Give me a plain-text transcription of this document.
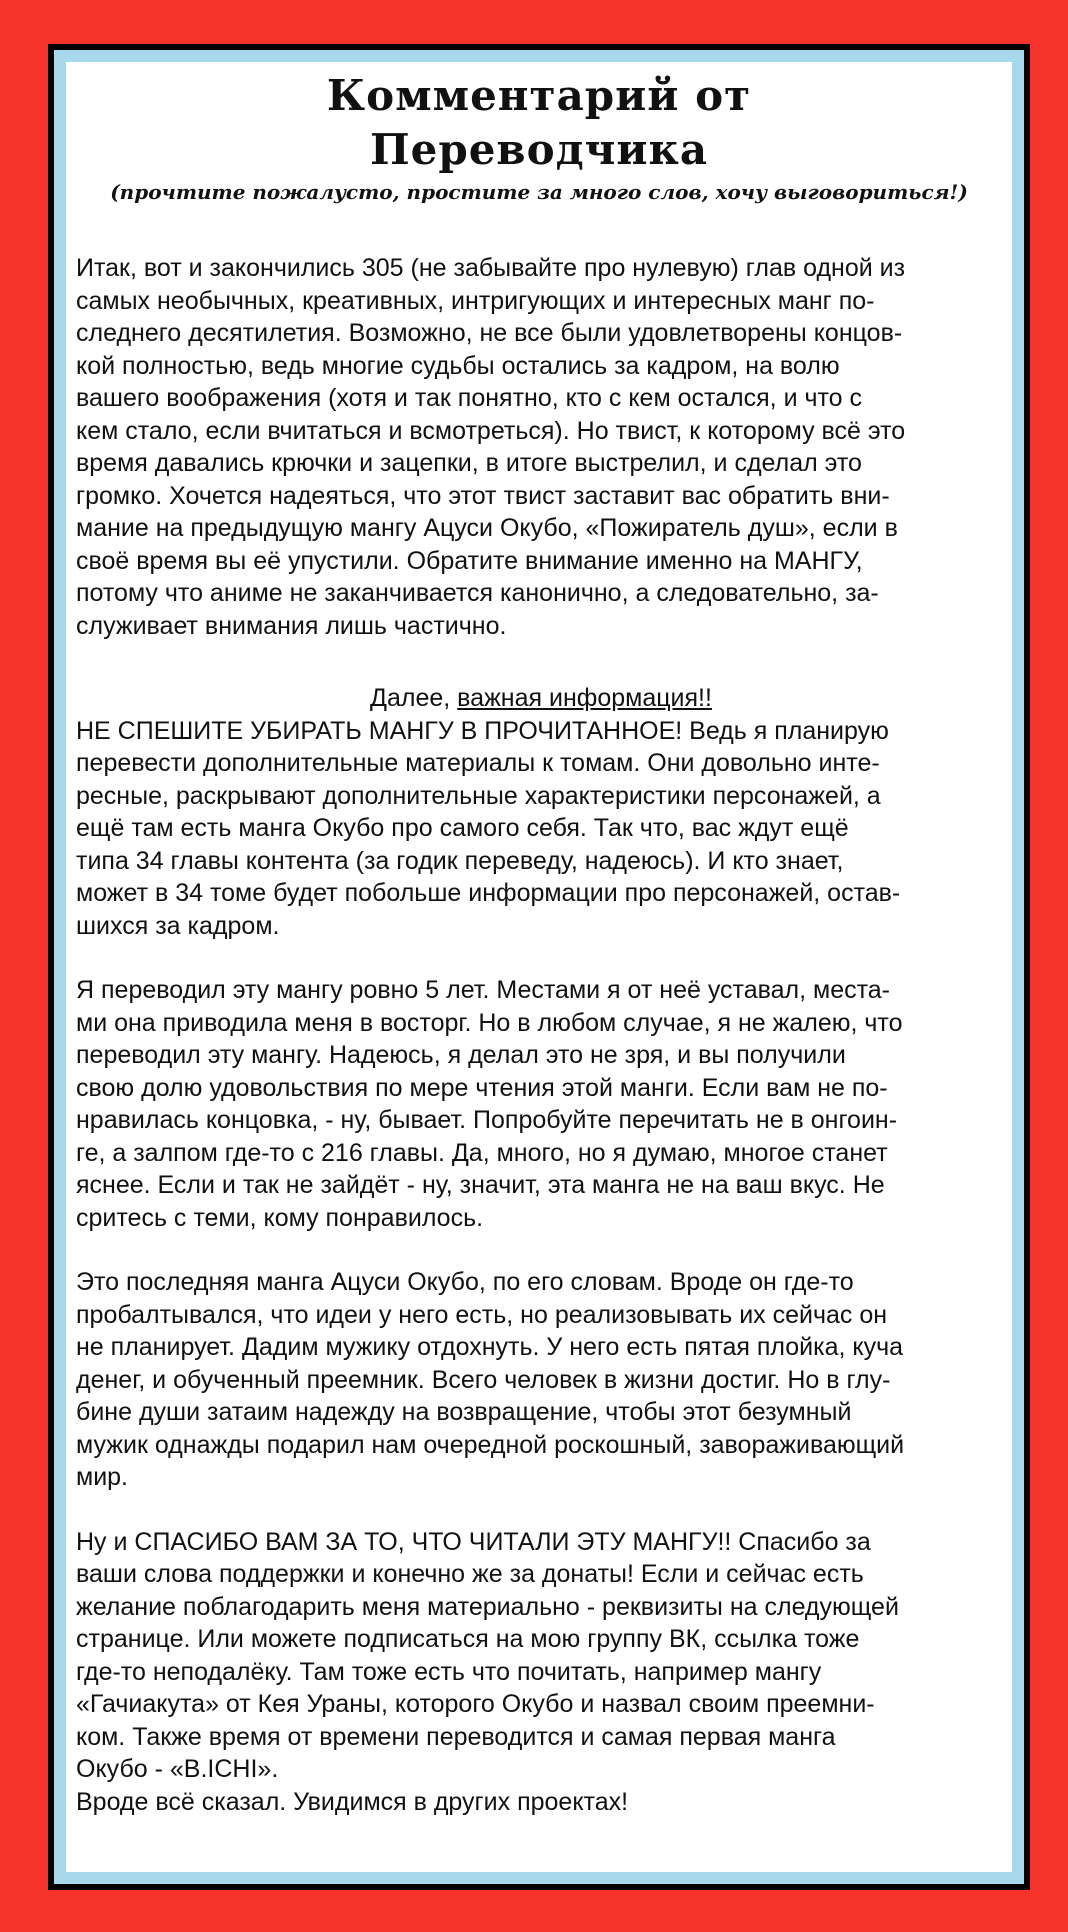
Комментарий от
Переводчика
(прочтите пожалусто, простите за много слов, хочу выговориться!)
Итак, вот и закончились 305 (не забывайте про нулевую) глав одной из
самых необычных, креативных, интригующих и интересных манг по-
следнего десятилетия. Возможно, не все были удовлетворены концов-
кой полностью, ведь многие судьбы остались за кадром, на волю
вашего воображения (хотя и так понятно, кто с кем остался, и что с
кем стало, если вчитаться и всмотреться). Но твист, к которому всё это
время давались крючки и зацепки, в итоге выстрелил, и сделал это
громко. Хочется надеяться, что этот твист заставит вас обратить вни-
мание на предыдущую мангу Ацуси Окубо, «Пожиратель душ», если в
своё время вы её упустили. Обратите внимание именно на МАНГУ,
потому что аниме не заканчивается канонично, а следовательно, за-
служивает внимания лишь частично.
Далее, важная информация!!
НЕ СПЕШИТЕ УБИРАТЬ МАНГУ В ПРОЧИТАННОЕ! Ведь я планирую
перевести дополнительные материалы к томам. Они довольно инте-
ресные, раскрывают дополнительные характеристики персонажей, а
ещё там есть манга Окубо про самого себя. Так что, вас ждут ещё
типа 34 главы контента (за годик переведу, надеюсь). И кто знает,
может в 34 томе будет побольше информации про персонажей, остав-
шихся за кадром.
Я переводил эту мангу ровно 5 лет. Местами я от неё уставал, места-
ми она приводила меня в восторг. Но в любом случае, я не жалею, что
переводил эту мангу. Надеюсь, я делал это не зря, и вы получили
свою долю удовольствия по мере чтения этой манги. Если вам не по-
нравилась концовка, - ну, бывает. Попробуйте перечитать не в онгоин-
ге, а залпом где-то с 216 главы. Да, много, но я думаю, многое станет
яснее. Если и так не зайдёт - ну, значит, эта манга не на ваш вкус. Не
сритесь с теми, кому понравилось.
Это последняя манга Ацуси Окубо, по его словам. Вроде он где-то
пробалтывался, что идеи у него есть, но реализовывать их сейчас он
не планирует. Дадим мужику отдохнуть. У него есть пятая плойка, куча
денег, и обученный преемник. Всего человек в жизни достиг. Но в глу-
бине души затаим надежду на возвращение, чтобы этот безумный
мужик однажды подарил нам очередной роскошный, завораживающий
мир.
Ну и СПАСИБО ВАМ ЗА ТО, ЧТО ЧИТАЛИ ЭТУ МАНГУ!! Спасибо за
ваши слова поддержки и конечно же за донаты! Если и сейчас есть
желание поблагодарить меня материально - реквизиты на следующей
странице. Или можете подписаться на мою группу ВК, ссылка тоже
где-то неподалёку. Там тоже есть что почитать, например мангу
«Гачиакута» от Кея Ураны, которого Окубо и назвал своим преемни-
ком. Также время от времени переводится и самая первая манга
Окубо - «B.ICHI».
Вроде всё сказал. Увидимся в других проектах!
